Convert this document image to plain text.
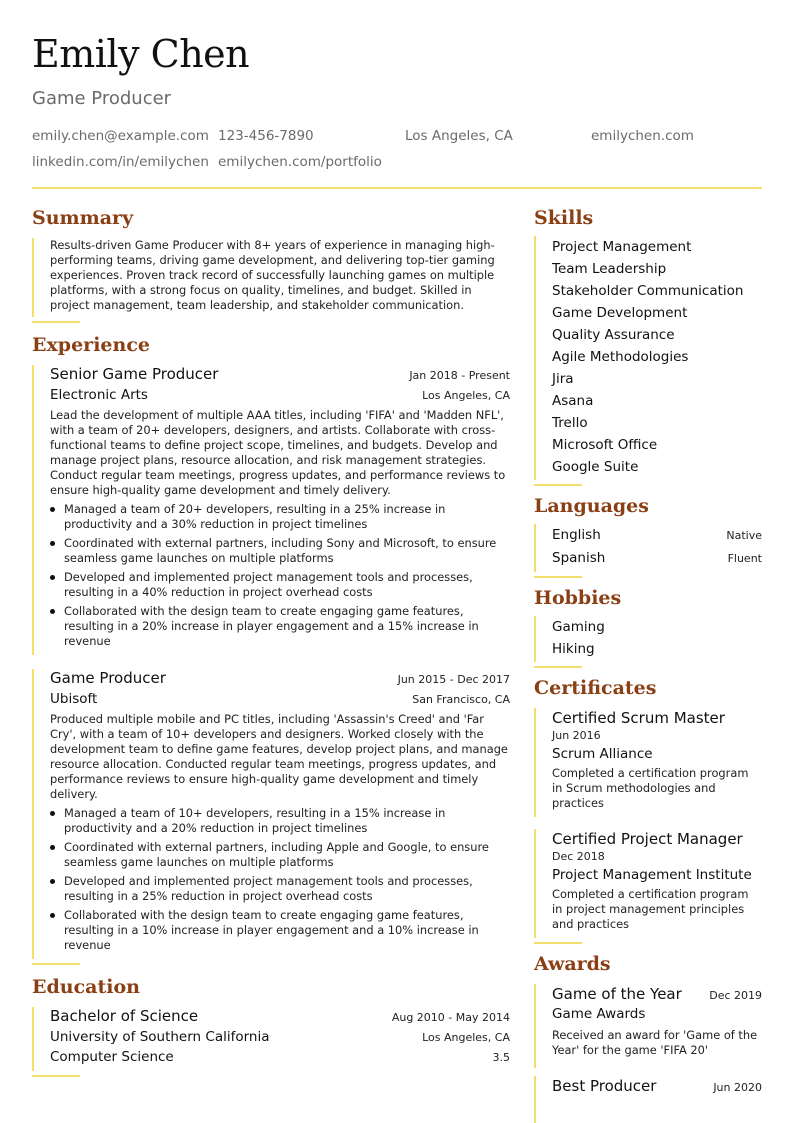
Emily Chen
Game Producer
emily.chen@example.com 123-456-7890	Los Angeles, CA	emilychen.com
linkedin.com/in/emilychen emilychen.com/portfolio
Summary

Results-driven Game Producer with 8+ years of experience in managing high-performing teams, driving game development, and delivering top-tier gaming experiences. Proven track record of successfully launching games on multiple platforms, with a strong focus on quality, timelines, and budget. Skilled in project management, team leadership, and stakeholder communication.

Experience
Senior Game Producer	Jan 2018 - Present
Electronic Arts	Los Angeles, CA

Lead the development of multiple AAA titles, including 'FIFA' and 'Madden NFL', with a team of 20+ developers, designers, and artists. Collaborate with cross-functional teams to define project scope, timelines, and budgets. Develop and manage project plans, resource allocation, and risk management strategies. Conduct regular team meetings, progress updates, and performance reviews to ensure high-quality game development and timely delivery.

Managed a team of 20+ developers, resulting in a 25% increase in productivity and a 30% reduction in project timelines
Coordinated with external partners, including Sony and Microsoft, to ensure seamless game launches on multiple platforms
Developed and implemented project management tools and processes, resulting in a 40% reduction in project overhead costs
Collaborated with the design team to create engaging game features, resulting in a 20% increase in player engagement and a 15% increase in revenue
Game Producer	Jun 2015 - Dec 2017
Ubisoft	San Francisco, CA

Produced multiple mobile and PC titles, including 'Assassin's Creed' and 'Far Cry', with a team of 10+ developers and designers. Worked closely with the development team to define game features, develop project plans, and manage resource allocation. Conducted regular team meetings, progress updates, and performance reviews to ensure high-quality game development and timely delivery.

Managed a team of 10+ developers, resulting in a 15% increase in productivity and a 20% reduction in project timelines
Coordinated with external partners, including Apple and Google, to ensure seamless game launches on multiple platforms
Developed and implemented project management tools and processes, resulting in a 25% reduction in project overhead costs
Collaborated with the design team to create engaging game features, resulting in a 10% increase in player engagement and a 10% increase in revenue
Education
Bachelor of Science	Aug 2010 - May 2014
University of Southern California	Los Angeles, CA
Computer Science	3.5
Skills
Project Management
Team Leadership
Stakeholder Communication
Game Development
Quality Assurance
Agile Methodologies
Jira
Asana
Trello
Microsoft Office
Google Suite
Languages
English	Native
Spanish	Fluent
Hobbies
Gaming
Hiking
Certificates
Certified Scrum Master
Jun 2016
Scrum Alliance

Completed a certification program in Scrum methodologies and practices

Certified Project Manager
Dec 2018
Project Management Institute

Completed a certification program in project management principles and practices

Awards
Game of the Year Dec 2019
Game Awards

Received an award for 'Game of the Year' for the game 'FIFA 20'

Best Producer	Jun 2020
